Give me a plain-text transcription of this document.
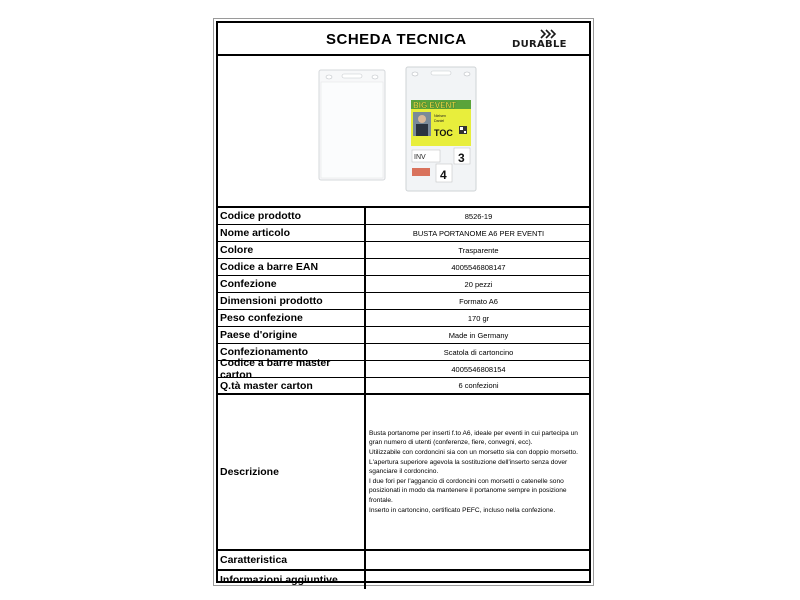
SCHEDA TECNICA	DURABLE
BIG EVENT
Nielsen
Daniel
TOC
INV	3
4
Codice prodotto	8526-19
Nome articolo	BUSTA PORTANOME A6 PER EVENTI
Colore	Trasparente
Codice a barre EAN	4005546808147
Confezione	20 pezzi
Dimensioni prodotto	Formato A6
Peso confezione	170 gr
Paese d'origine	Made in Germany
Confezionamento	Scatola di cartoncino
Codice a barre master carton	4005546808154
Q.tà master carton	6 confezioni
Descrizione
Busta portanome per inserti f.to A6, ideale per eventi in cui partecipa un
gran numero di utenti (conferenze, fiere, convegni, ecc).
Utilizzabile con cordoncini sia con un morsetto sia con doppio morsetto.
L'apertura superiore agevola la sostituzione dell'inserto senza dover
sganciare il cordoncino.
I due fori per l'aggancio di cordoncini con morsetti o catenelle sono
posizionati in modo da mantenere il portanome sempre in posizione
frontale.
Inserto in cartoncino, certificato PEFC, incluso nella confezione.
Caratteristica
Informazioni aggiuntive
